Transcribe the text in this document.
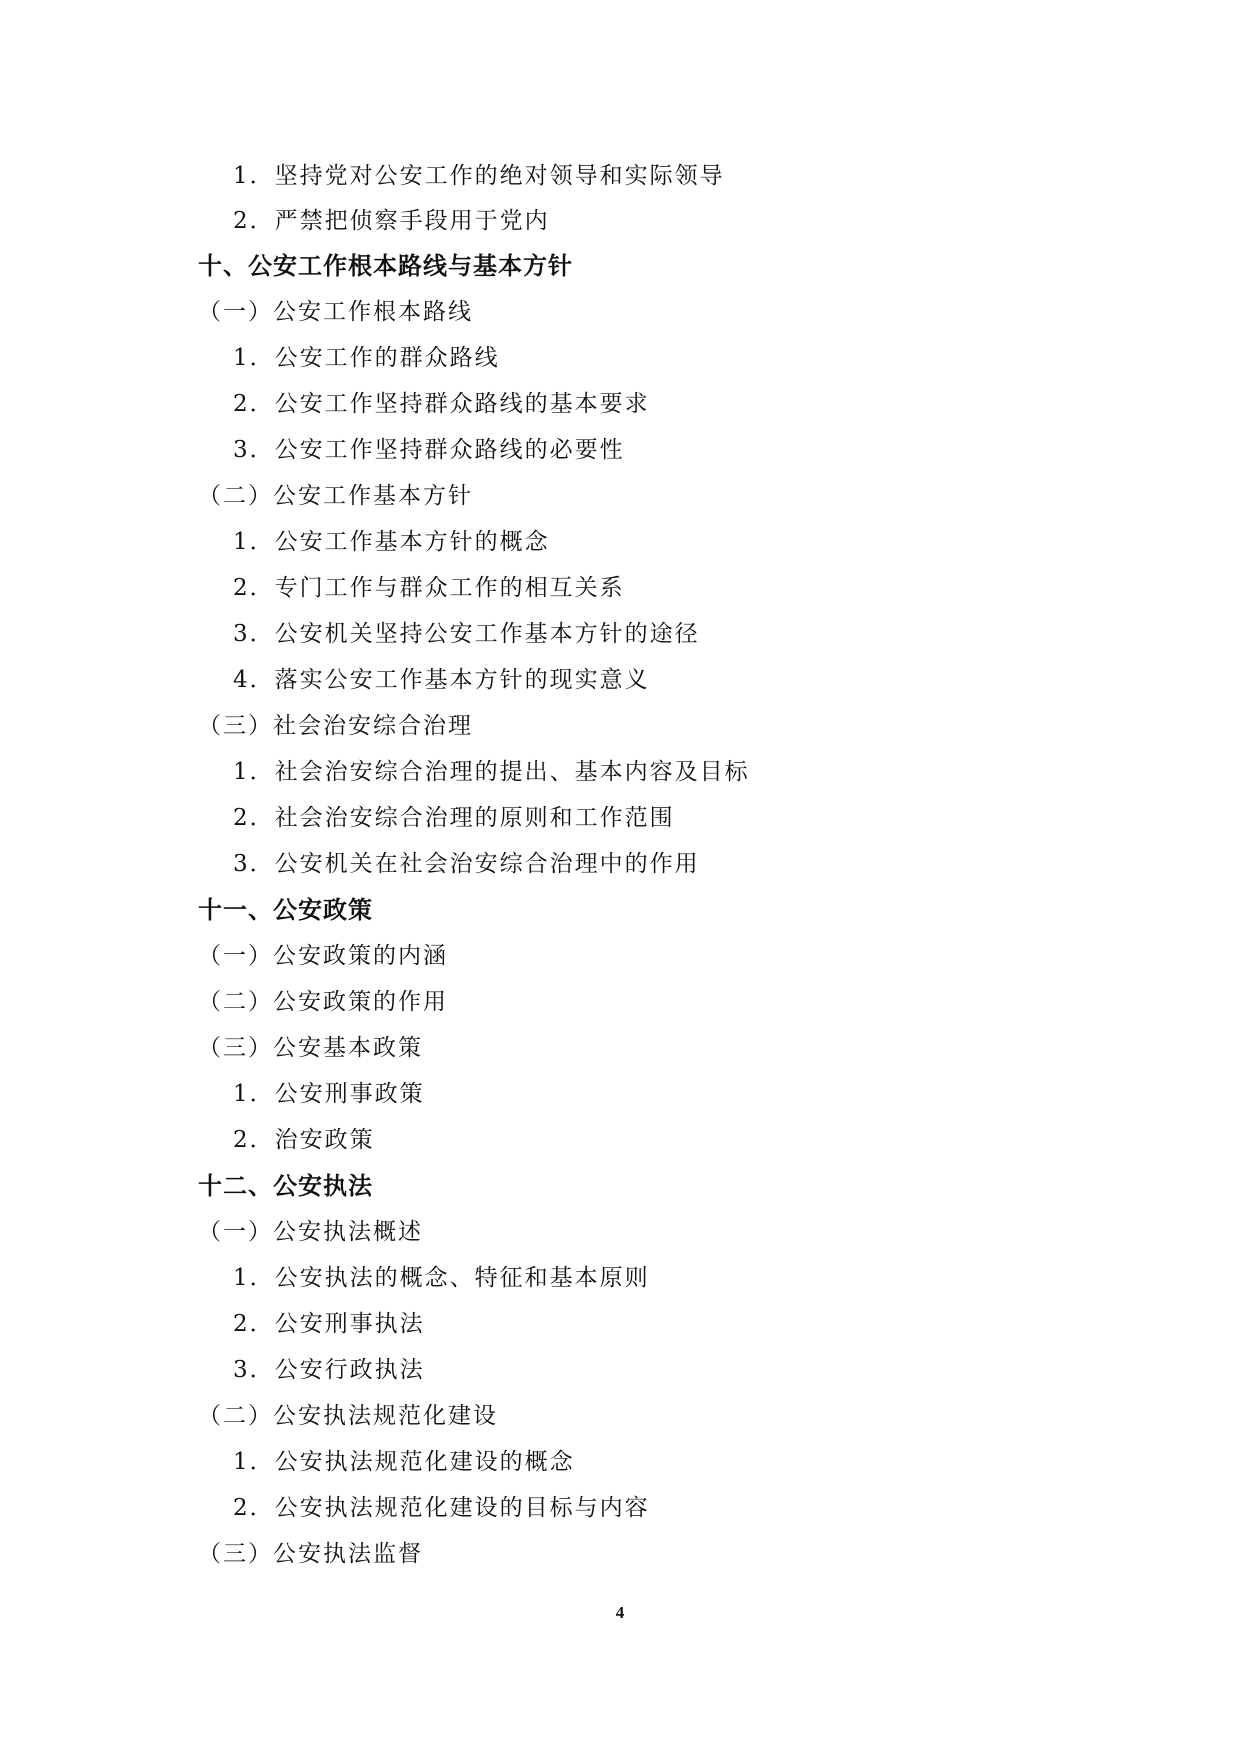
1．坚持党对公安工作的绝对领导和实际领导
2．严禁把侦察手段用于党内
十、公安工作根本路线与基本方针
（一）公安工作根本路线
1．公安工作的群众路线
2．公安工作坚持群众路线的基本要求
3．公安工作坚持群众路线的必要性
（二）公安工作基本方针
1．公安工作基本方针的概念
2．专门工作与群众工作的相互关系
3．公安机关坚持公安工作基本方针的途径
4．落实公安工作基本方针的现实意义
（三）社会治安综合治理
1．社会治安综合治理的提出、基本内容及目标
2．社会治安综合治理的原则和工作范围
3．公安机关在社会治安综合治理中的作用
十一、公安政策
（一）公安政策的内涵
（二）公安政策的作用
（三）公安基本政策
1．公安刑事政策
2．治安政策
十二、公安执法
（一）公安执法概述
1．公安执法的概念、特征和基本原则
2．公安刑事执法
3．公安行政执法
（二）公安执法规范化建设
1．公安执法规范化建设的概念
2．公安执法规范化建设的目标与内容
（三）公安执法监督
4
